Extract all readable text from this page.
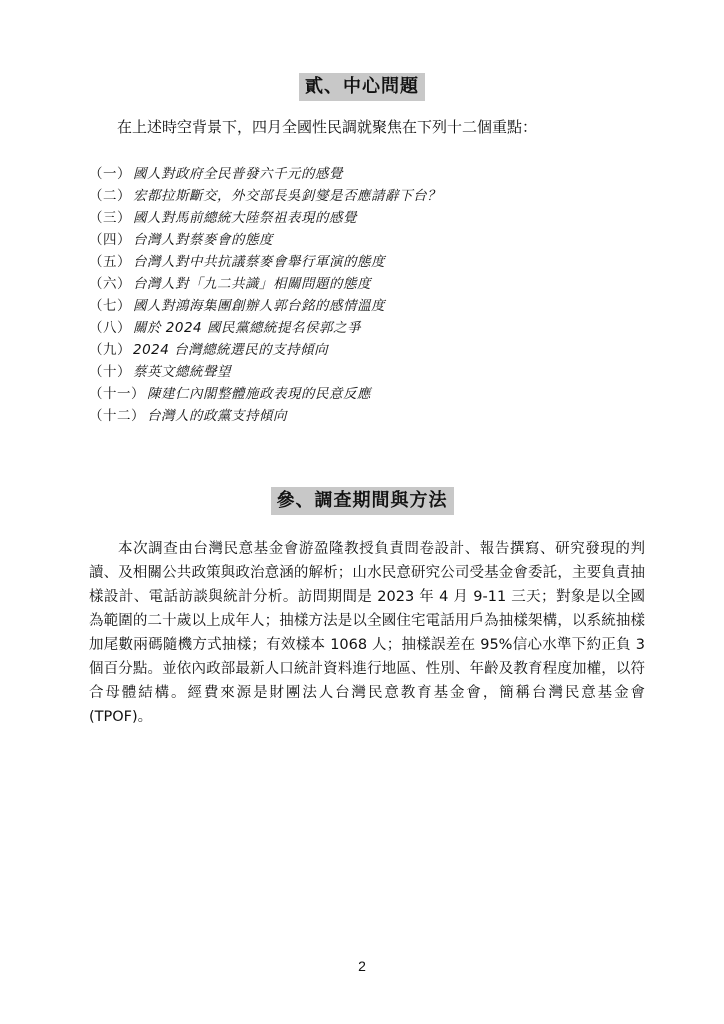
貳、中心問題
在上述時空背景下，四月全國性民調就聚焦在下列十二個重點：
（一） 國人對政府全民普發六千元的感覺
（二） 宏都拉斯斷交，外交部長吳釗燮是否應請辭下台？
（三） 國人對馬前總統大陸祭祖表現的感覺
（四） 台灣人對蔡麥會的態度
（五） 台灣人對中共抗議蔡麥會舉行軍演的態度
（六） 台灣人對「九二共識」相關問題的態度
（七） 國人對鴻海集團創辦人郭台銘的感情溫度
（八） 關於 2024 國民黨總統提名侯郭之爭
（九） 2024 台灣總統選民的支持傾向
（十） 蔡英文總統聲望
（十一） 陳建仁內閣整體施政表現的民意反應
（十二） 台灣人的政黨支持傾向
參、調查期間與方法

本次調查由台灣民意基金會游盈隆教授負責問卷設計、報告撰寫、研究發現的判讀、及相關公共政策與政治意涵的解析；山水民意研究公司受基金會委託，主要負責抽樣設計、電話訪談與統計分析。訪問期間是 2023 年 4 月 9-11 三天；對象是以全國為範圍的二十歲以上成年人；抽樣方法是以全國住宅電話用戶為抽樣架構，以系統抽樣加尾數兩碼隨機方式抽樣；有效樣本 1068 人；抽樣誤差在 95%信心水準下約正負 3 個百分點。並依內政部最新人口統計資料進行地區、性別、年齡及教育程度加權，以符合母體結構。經費來源是財團法人台灣民意教育基金會，簡稱台灣民意基金會(TPOF)。

2
